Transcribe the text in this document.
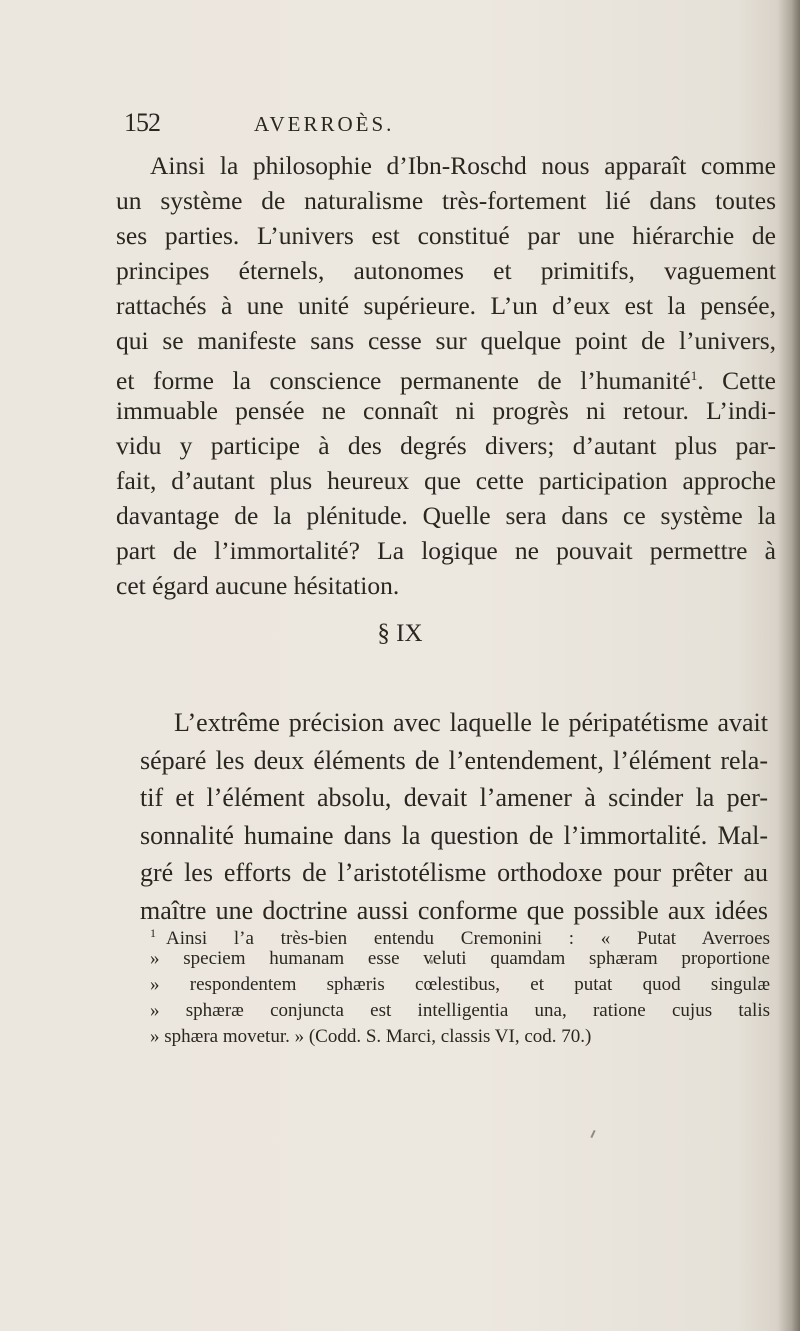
152	AVERROÈS.
Ainsi la philosophie d’Ibn-Roschd nous apparaît comme
un système de naturalisme très-fortement lié dans toutes
ses parties. L’univers est constitué par une hiérarchie de
principes éternels, autonomes et primitifs, vaguement
rattachés à une unité supérieure. L’un d’eux est la pensée,
qui se manifeste sans cesse sur quelque point de l’univers,
et forme la conscience permanente de l’humanité$^1$. Cette
immuable pensée ne connaît ni progrès ni retour. L’indi-
vidu y participe à des degrés divers; d’autant plus par-
fait, d’autant plus heureux que cette participation approche
davantage de la plénitude. Quelle sera dans ce système la
part de l’immortalité? La logique ne pouvait permettre à
cet égard aucune hésitation.
§ IX
L’extrême précision avec laquelle le péripatétisme avait
séparé les deux éléments de l’entendement, l’élément rela-
tif et l’élément absolu, devait l’amener à scinder la per-
sonnalité humaine dans la question de l’immortalité. Mal-
gré les efforts de l’aristotélisme orthodoxe pour prêter au
maître une doctrine aussi conforme que possible aux idées
$^1$ Ainsi l’a très-bien entendu Cremonini : « Putat Averroes
» speciem humanam esse veluti quamdam sphæram proportione
» respondentem sphæris cœlestibus, et putat quod singulæ
» sphæræ conjuncta est intelligentia una, ratione cujus talis
» sphæra movetur. » (Codd. S. Marci, classis VI, cod. 70.)
